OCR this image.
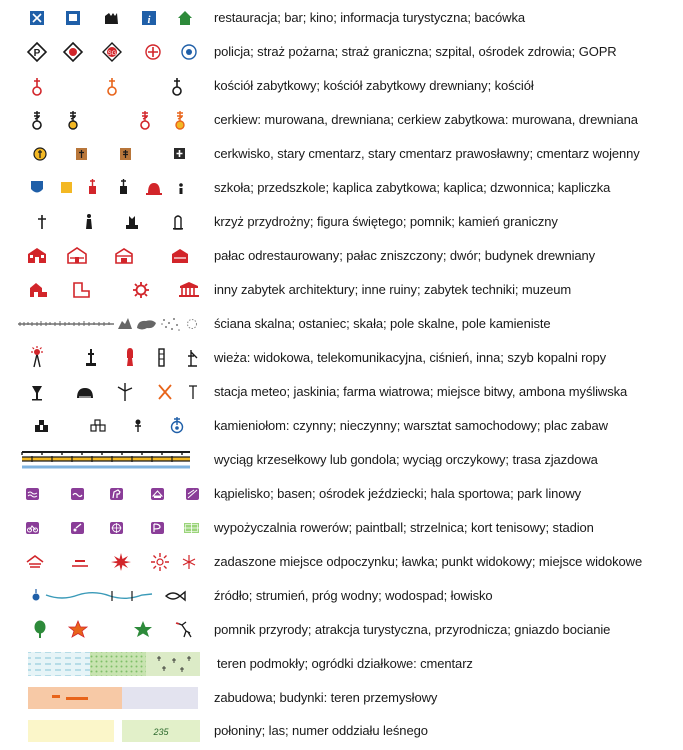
i	restauracja; bar; kino; informacja turystyczna; bacówka
P	SG	policja; straż pożarna; straż graniczna; szpital, ośrodek zdrowia; GOPR
kościół zabytkowy; kościół zabytkowy drewniany; kościół
cerkiew: murowana, drewniana; cerkiew zabytkowa: murowana, drewniana
cerkwisko, stary cmentarz, stary cmentarz prawosławny; cmentarz wojenny
szkoła; przedszkole; kaplica zabytkowa; kaplica; dzwonnica; kapliczka
krzyż przydrożny; figura świętego; pomnik; kamień graniczny
pałac odrestaurowany; pałac zniszczony; dwór; budynek drewniany
inny zabytek architektury; inne ruiny; zabytek techniki; muzeum
ściana skalna; ostaniec; skała; pole skalne, pole kamieniste
wieża: widokowa, telekomunikacyjna, ciśnień, inna; szyb kopalni ropy
stacja meteo; jaskinia; farma wiatrowa; miejsce bitwy, ambona myśliwska
kamieniołom: czynny; nieczynny; warsztat samochodowy; plac zabaw
wyciąg krzesełkowy lub gondola; wyciąg orczykowy; trasa zjazdowa
kąpielisko; basen; ośrodek jeździecki; hala sportowa; park linowy
wypożyczalnia rowerów; paintball; strzelnica; kort tenisowy; stadion
zadaszone miejsce odpoczynku; ławka; punkt widokowy; miejsce widokowe
źródło; strumień, próg wodny; wodospad; łowisko
pomnik przyrody; atrakcja turystyczna, przyrodnicza; gniazdo bocianie
teren podmokły; ogródki działkowe: cmentarz
zabudowa; budynki: teren przemysłowy
235	połoniny; las; numer oddziału leśnego
